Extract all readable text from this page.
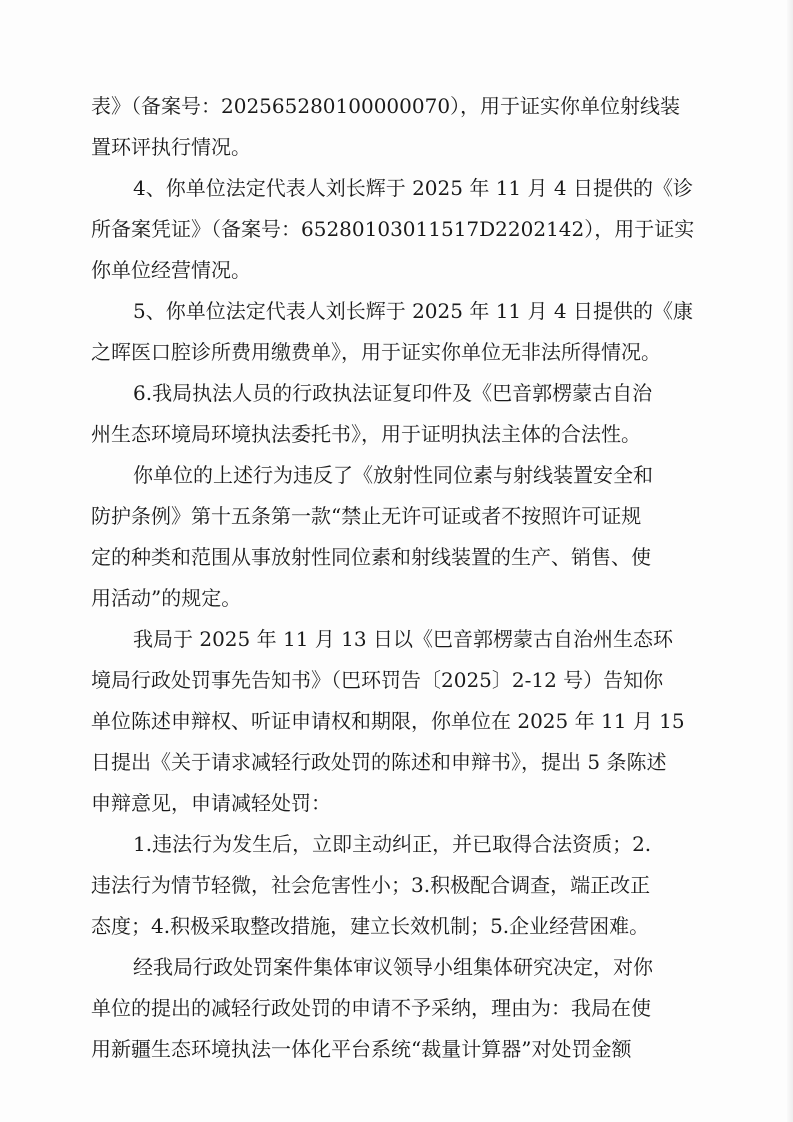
表》（备案号：202565280100000070），用于证实你单位射线装
置环评执行情况。
4、你单位法定代表人刘长辉于 2025 年 11 月 4 日提供的《诊
所备案凭证》（备案号：65280103011517D2202142），用于证实
你单位经营情况。
5、你单位法定代表人刘长辉于 2025 年 11 月 4 日提供的《康
之晖医口腔诊所费用缴费单》，用于证实你单位无非法所得情况。
6.我局执法人员的行政执法证复印件及《巴音郭楞蒙古自治
州生态环境局环境执法委托书》，用于证明执法主体的合法性。
你单位的上述行为违反了《放射性同位素与射线装置安全和
防护条例》第十五条第一款“禁止无许可证或者不按照许可证规
定的种类和范围从事放射性同位素和射线装置的生产、销售、使
用活动”的规定。
我局于 2025 年 11 月 13 日以《巴音郭楞蒙古自治州生态环
境局行政处罚事先告知书》（巴环罚告〔2025〕2-12 号）告知你
单位陈述申辩权、听证申请权和期限，你单位在 2025 年 11 月 15
日提出《关于请求减轻行政处罚的陈述和申辩书》，提出 5 条陈述
申辩意见，申请减轻处罚：
1.违法行为发生后，立即主动纠正，并已取得合法资质；2.
违法行为情节轻微，社会危害性小；3.积极配合调查，端正改正
态度；4.积极采取整改措施，建立长效机制；5.企业经营困难。
经我局行政处罚案件集体审议领导小组集体研究决定，对你
单位的提出的减轻行政处罚的申请不予采纳，理由为：我局在使
用新疆生态环境执法一体化平台系统“裁量计算器”对处罚金额
